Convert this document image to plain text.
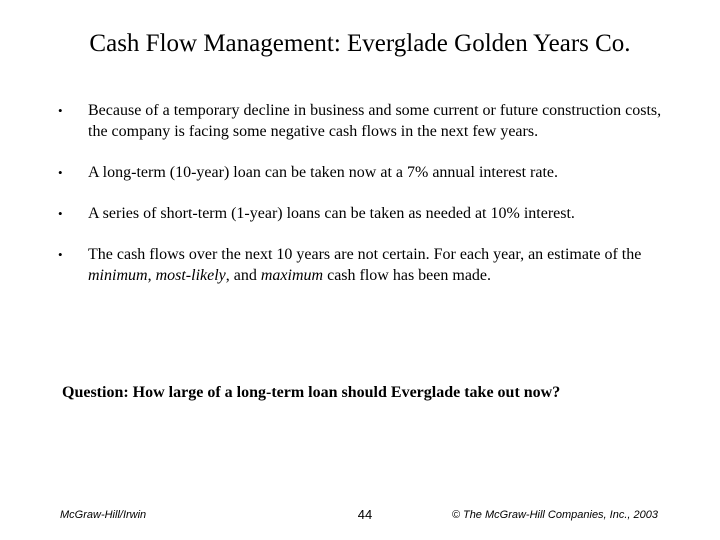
Cash Flow Management: Everglade Golden Years Co.
• Because of a temporary decline in business and some current or future construction costs, the company is facing some negative cash flows in the next few years.
• A long-term (10-year) loan can be taken now at a 7% annual interest rate.
• A series of short-term (1-year) loans can be taken as needed at 10% interest.
• The cash flows over the next 10 years are not certain. For each year, an estimate of the minimum, most-likely, and maximum cash flow has been made.
Question: How large of a long-term loan should Everglade take out now?
McGraw-Hill/Irwin	44	© The McGraw-Hill Companies, Inc., 2003
